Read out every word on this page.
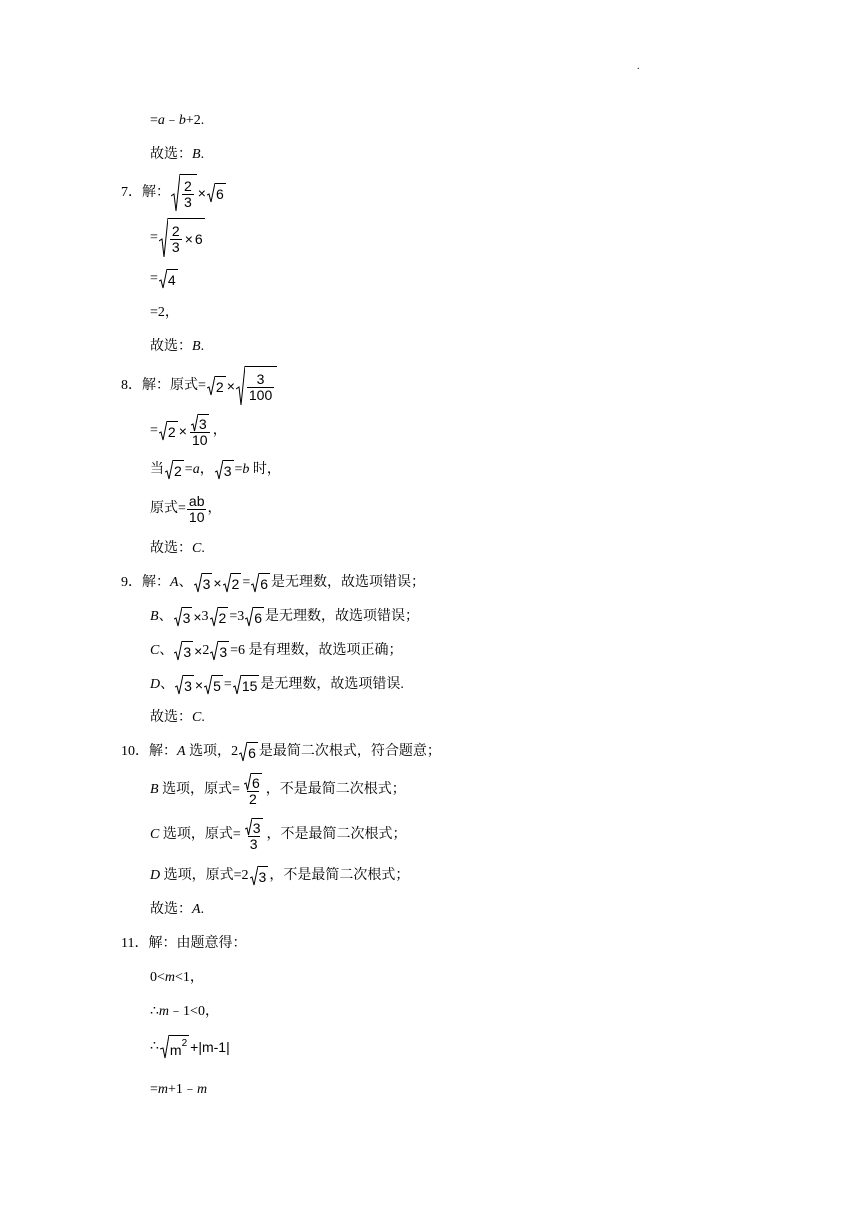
.
= a ﹣ b +2.
故选： B .
7． 解： $\frac{2}{3} \times 6$
= $\frac{2}{3} \times 6$
= 4
=2，
故选： B .
8． 解：原式= $2 \times \frac{3}{100}$
= $2 \times \frac{3}{10}$ ，
当 2 = a ， 3 = b
时，
原式= $\frac{ab}{10}$ ，
故选： C .
9． 解： A 、 3 × 2 = 6 是无理数，故选项错误；
B 、 3 × 3 2 = 3 6 是无理数，故选项错误；
C 、 3 × 2 3 =6 是有理数，故选项正确；
D 、 3 × 5 = 15 是无理数，故选项错误.
故选： C .
10． 解： A
选项， 2 6 是最简二次根式，符合题意；
B
选项， 原式= $\frac{6}{2}$ ，不是最简二次根式；
C
选项， 原式= $\frac{3}{3}$ ，不是最简二次根式；
D
选项， 原式= 2 3 ，不是最简二次根式；
故选： A .
11． 解：由题意得：
0< m <1，
∴ m ﹣1<0，
∴ m 2 + |m-1|
= m +1﹣ m
